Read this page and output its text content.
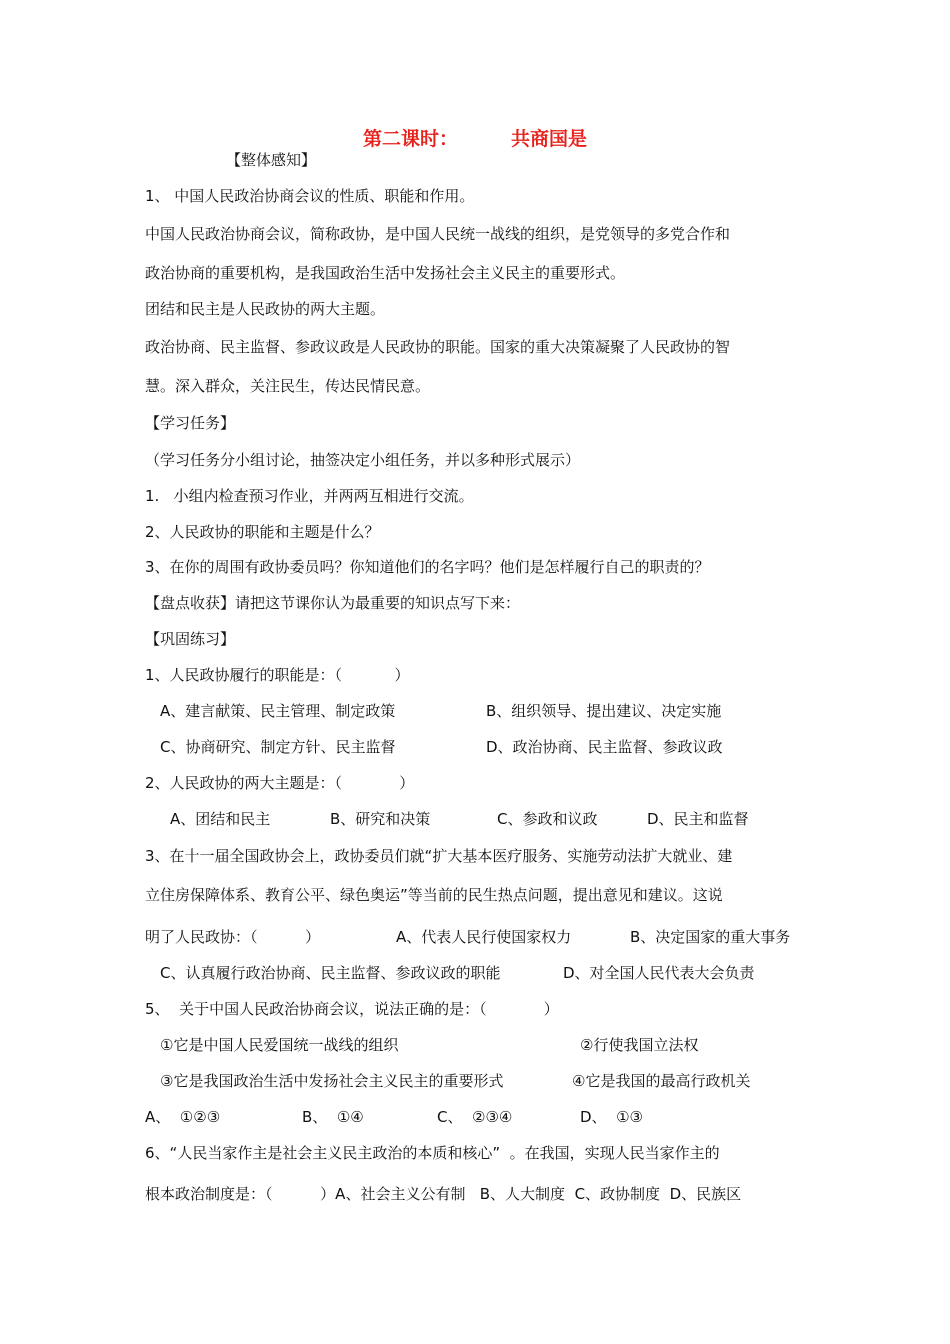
第二课时：        共商国是
【整体感知】
1、 中国人民政治协商会议的性质、职能和作用。
中国人民政治协商会议，简称政协，是中国人民统一战线的组织，是党领导的多党合作和
政治协商的重要机构，是我国政治生活中发扬社会主义民主的重要形式。
团结和民主是人民政协的两大主题。
政治协商、民主监督、参政议政是人民政协的职能。国家的重大决策凝聚了人民政协的智
慧。深入群众，关注民生，传达民情民意。
【学习任务】
（学习任务分小组讨论，抽签决定小组任务，并以多种形式展示）
1.   小组内检查预习作业，并两两互相进行交流。
2、人民政协的职能和主题是什么？
3、在你的周围有政协委员吗？你知道他们的名字吗？他们是怎样履行自己的职责的？
【盘点收获】请把这节课你认为最重要的知识点写下来：
【巩固练习】
1、人民政协履行的职能是：（           ）
A、建言献策、民主管理、制定政策	B、组织领导、提出建议、决定实施
C、协商研究、制定方针、民主监督	D、政治协商、民主监督、参政议政
2、人民政协的两大主题是：（            ）
A、团结和民主	B、研究和决策	C、参政和议政	D、民主和监督
3、在十一届全国政协会上，政协委员们就“扩大基本医疗服务、实施劳动法扩大就业、建
立住房保障体系、教育公平、绿色奥运”等当前的民生热点问题，提出意见和建议。这说
明了人民政协：（          ）	A、代表人民行使国家权力	B、决定国家的重大事务
C、认真履行政治协商、民主监督、参政议政的职能	D、对全国人民代表大会负责
5、  关于中国人民政治协商会议，说法正确的是：（            ）
①它是中国人民爱国统一战线的组织	②行使我国立法权
③它是我国政治生活中发扬社会主义民主的重要形式	④它是我国的最高行政机关
A、  ①②③	B、  ①④	C、  ②③④	D、  ①③
6、“人民当家作主是社会主义民主政治的本质和核心”  。在我国，实现人民当家作主的
根本政治制度是：（          ）A、社会主义公有制   B、人大制度  C、政协制度  D、民族区
